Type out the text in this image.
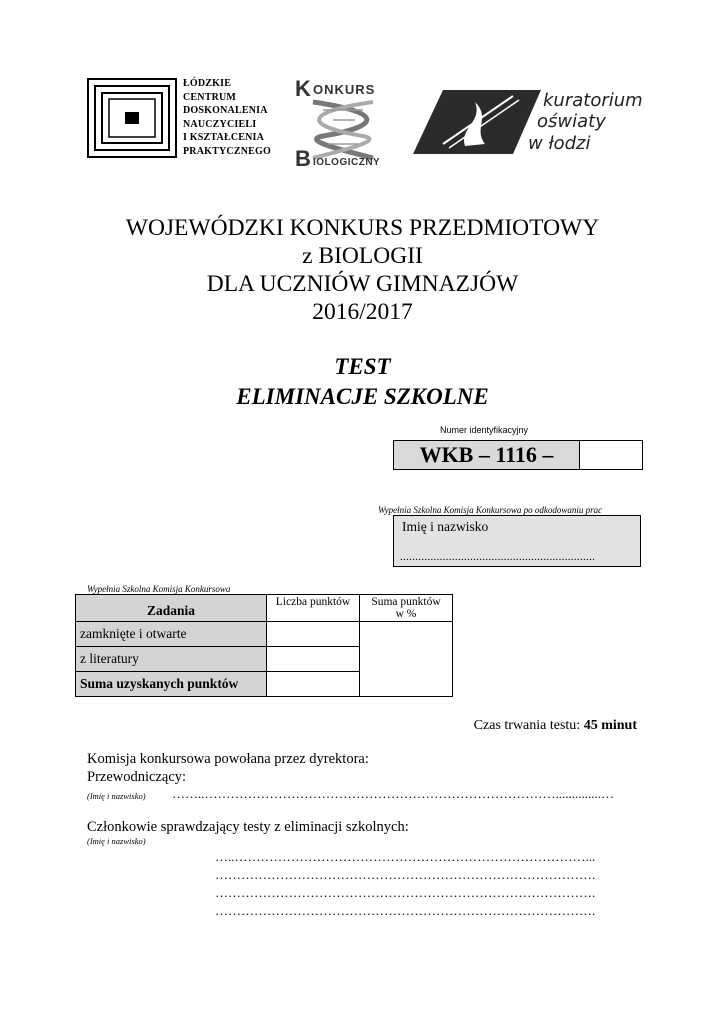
ŁÓDZKIE
CENTRUM
DOSKONALENIA
NAUCZYCIELI
I KSZTAŁCENIA
PRAKTYCZNEGO
K ONKURS
B IOLOGICZNY
kuratorium
oświaty
w łodzi
WOJEWÓDZKI KONKURS PRZEDMIOTOWY
z BIOLOGII
DLA UCZNIÓW GIMNAZJÓW
2016/2017
TEST
ELIMINACJE SZKOLNE
Numer identyfikacyjny
WKB – 1116 –
Wypełnia Szkolna Komisja Konkursowa po odkodowaniu prac
Imię i nazwisko
................................................................
Wypełnia Szkolna Komisja Konkursowa
Zadania	Liczba punktów	Suma punktów
w %

zamknięte i otwarte		
z literatury		
Suma uzyskanych punktów		
Czas trwania testu: 45 minut
Komisja konkursowa powołana przez dyrektora:
Przewodniczący:
(Imię i nazwisko) ……..………………………………………………………………………..............…
Członkowie sprawdzający testy z eliminacji szkolnych:
(Imię i nazwisko)
…..………………………………………………………………………...
…………………………………………………………………………….
…………………………………………………………………………….
…………………………………………………………………………….
